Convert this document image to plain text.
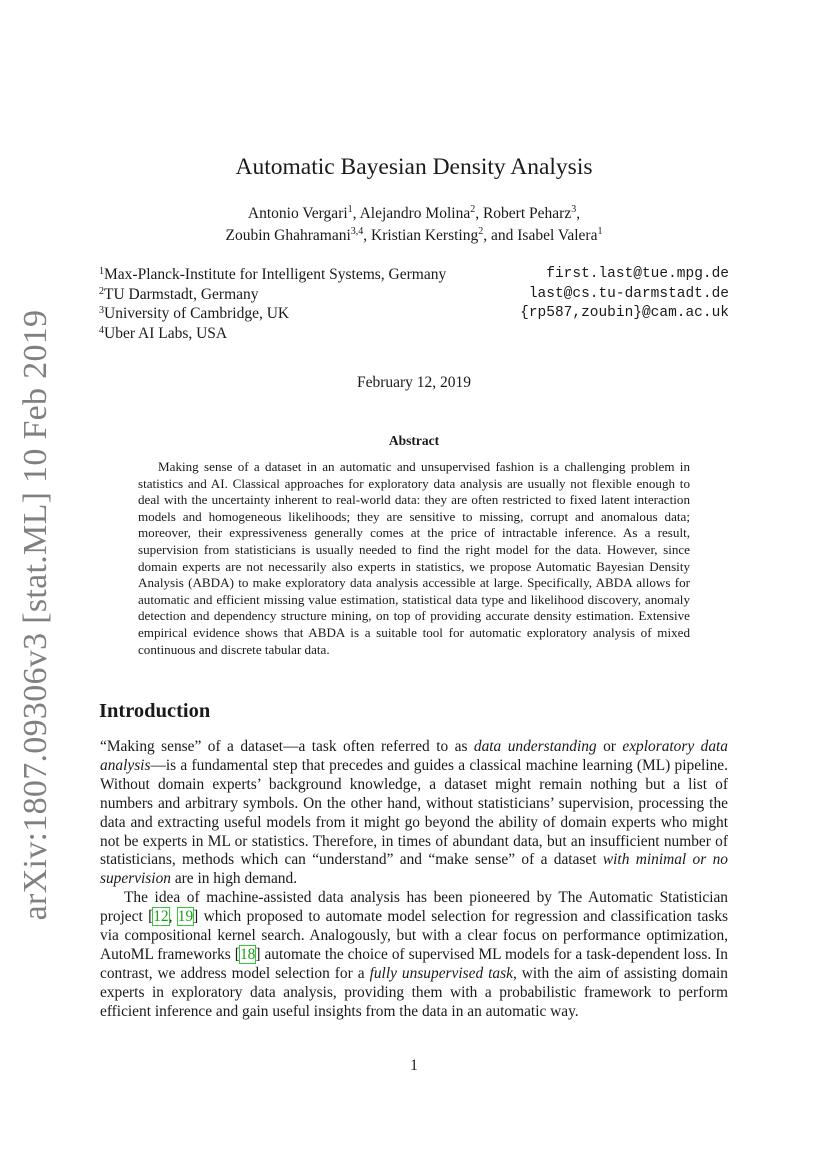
arXiv:1807.09306v3 [stat.ML] 10 Feb 2019
Automatic Bayesian Density Analysis
Antonio Vergari$^1$, Alejandro Molina$^2$, Robert Peharz$^3$,
Zoubin Ghahramani$^{3,4}$, Kristian Kersting$^2$, and Isabel Valera$^1$
$^1$Max-Planck-Institute for Intelligent Systems, Germany	first.last@tue.mpg.de
$^2$TU Darmstadt, Germany	last@cs.tu-darmstadt.de
$^3$University of Cambridge, UK	{rp587,zoubin}@cam.ac.uk
$^4$Uber AI Labs, USA
February 12, 2019
Abstract
Making sense of a dataset in an automatic and unsupervised fashion is a challenging problem in statistics and AI. Classical approaches for exploratory data analysis are usually not flexible enough to deal with the uncertainty inherent to real-world data: they are often restricted to fixed latent interaction models and homogeneous likelihoods; they are sensitive to missing, corrupt and anomalous data; moreover, their expressiveness generally comes at the price of intractable inference. As a result, supervision from statisticians is usually needed to find the right model for the data. However, since domain experts are not necessarily also experts in statistics, we propose Automatic Bayesian Density Analysis (ABDA) to make exploratory data analysis accessible at large. Specifically, ABDA allows for automatic and efficient missing value estimation, statistical data type and likelihood discovery, anomaly detection and dependency structure mining, on top of providing accurate density estimation. Extensive empirical evidence shows that ABDA is a suitable tool for automatic exploratory analysis of mixed continuous and discrete tabular data.
Introduction

“Making sense” of a dataset—a task often referred to as data understanding or exploratory data analysis—is a fundamental step that precedes and guides a classical machine learning (ML) pipeline. Without domain experts’ background knowledge, a dataset might remain nothing but a list of numbers and arbitrary symbols. On the other hand, without statisticians’ supervision, processing the data and extracting useful models from it might go beyond the ability of domain experts who might not be experts in ML or statistics. Therefore, in times of abundant data, but an insufficient number of statisticians, methods which can “understand” and “make sense” of a dataset with minimal or no supervision are in high demand.

The idea of machine-assisted data analysis has been pioneered by The Automatic Statistician project [12, 19] which proposed to automate model selection for regression and classification tasks via compositional kernel search. Analogously, but with a clear focus on performance optimization, AutoML frameworks [18] automate the choice of supervised ML models for a task-dependent loss. In contrast, we address model selection for a fully unsupervised task, with the aim of assisting domain experts in exploratory data analysis, providing them with a probabilistic framework to perform efficient inference and gain useful insights from the data in an automatic way.

1
